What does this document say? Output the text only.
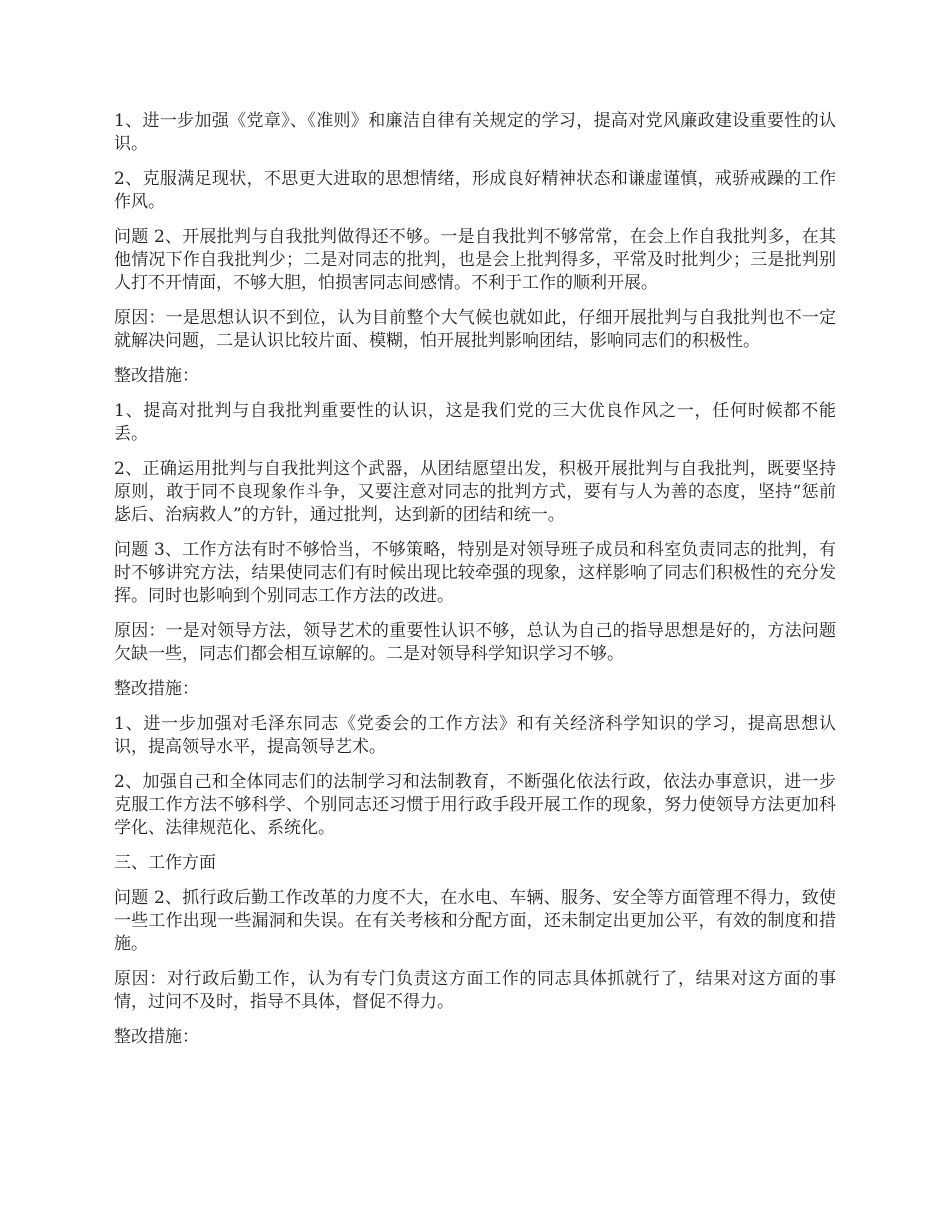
1、进一步加强《党章》、《准则》和廉洁自律有关规定的学习，提高对党风廉政建设重要性的认识。

2、克服满足现状，不思更大进取的思想情绪，形成良好精神状态和谦虚谨慎，戒骄戒躁的工作作风。

问题 2、开展批判与自我批判做得还不够。一是自我批判不够常常，在会上作自我批判多，在其他情况下作自我批判少；二是对同志的批判，也是会上批判得多，平常及时批判少；三是批判别人打不开情面，不够大胆，怕损害同志间感情。不利于工作的顺利开展。

原因：一是思想认识不到位，认为目前整个大气候也就如此，仔细开展批判与自我批判也不一定就解决问题，二是认识比较片面、模糊，怕开展批判影响团结，影响同志们的积极性。

整改措施：

1、提高对批判与自我批判重要性的认识，这是我们党的三大优良作风之一，任何时候都不能丢。

2、正确运用批判与自我批判这个武器，从团结愿望出发，积极开展批判与自我批判，既要坚持原则，敢于同不良现象作斗争，又要注意对同志的批判方式，要有与人为善的态度，坚持“惩前毖后、治病救人”的方针，通过批判，达到新的团结和统一。

问题 3、工作方法有时不够恰当，不够策略，特别是对领导班子成员和科室负责同志的批判，有时不够讲究方法，结果使同志们有时候出现比较牵强的现象，这样影响了同志们积极性的充分发挥。同时也影响到个别同志工作方法的改进。

原因：一是对领导方法，领导艺术的重要性认识不够，总认为自己的指导思想是好的，方法问题欠缺一些，同志们都会相互谅解的。二是对领导科学知识学习不够。

整改措施：

1、进一步加强对毛泽东同志《党委会的工作方法》和有关经济科学知识的学习，提高思想认识，提高领导水平，提高领导艺术。

2、加强自己和全体同志们的法制学习和法制教育，不断强化依法行政，依法办事意识，进一步克服工作方法不够科学、个别同志还习惯于用行政手段开展工作的现象，努力使领导方法更加科学化、法律规范化、系统化。

三、工作方面

问题 2、抓行政后勤工作改革的力度不大，在水电、车辆、服务、安全等方面管理不得力，致使一些工作出现一些漏洞和失误。在有关考核和分配方面，还未制定出更加公平，有效的制度和措施。

原因：对行政后勤工作，认为有专门负责这方面工作的同志具体抓就行了，结果对这方面的事情，过问不及时，指导不具体，督促不得力。

整改措施：
